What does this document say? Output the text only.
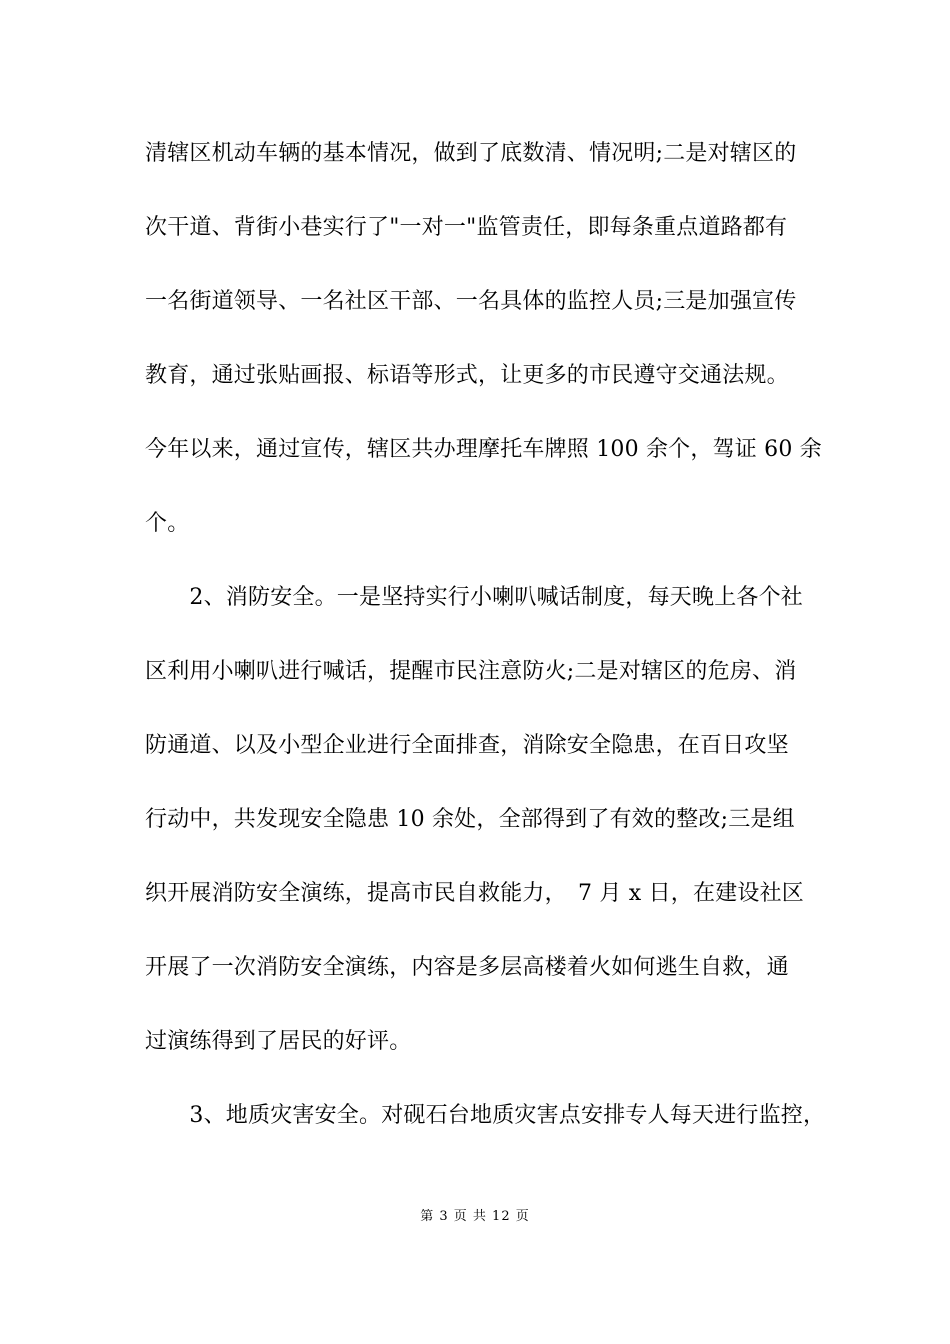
清辖区机动车辆的基本情况，做到了底数清、情况明;二是对辖区的
次干道、背街小巷实行了"一对一"监管责任，即每条重点道路都有
一名街道领导、一名社区干部、一名具体的监控人员;三是加强宣传
教育，通过张贴画报、标语等形式，让更多的市民遵守交通法规。
今年以来，通过宣传，辖区共办理摩托车牌照 100 余个，驾证 60 余
个。
　　2、消防安全。一是坚持实行小喇叭喊话制度，每天晚上各个社
区利用小喇叭进行喊话，提醒市民注意防火;二是对辖区的危房、消
防通道、以及小型企业进行全面排查，消除安全隐患，在百日攻坚
行动中，共发现安全隐患 10 余处，全部得到了有效的整改;三是组
织开展消防安全演练，提高市民自救能力，　7 月 x 日，在建设社区
开展了一次消防安全演练，内容是多层高楼着火如何逃生自救，通
过演练得到了居民的好评。
　　3、地质灾害安全。对砚石台地质灾害点安排专人每天进行监控，
第 3 页 共 12 页
